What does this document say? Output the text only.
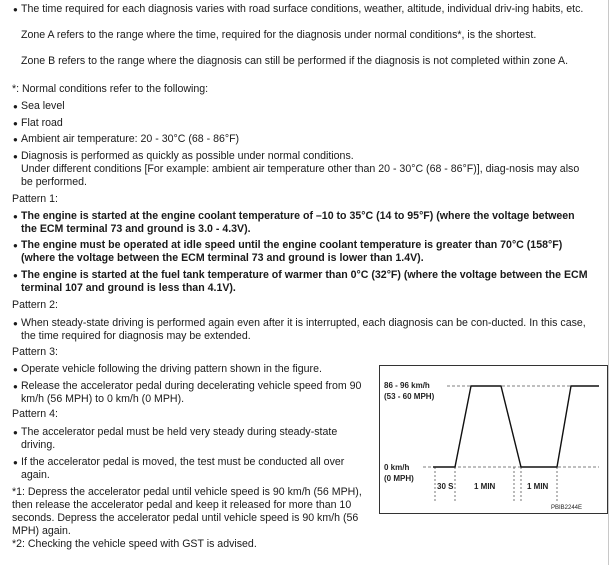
● The time required for each diagnosis varies with road surface conditions, weather, altitude, individual driv-ing habits, etc.
Zone A refers to the range where the time, required for the diagnosis under normal conditions*, is the shortest.
Zone B refers to the range where the diagnosis can still be performed if the diagnosis is not completed within zone A.
*: Normal conditions refer to the following:
● Sea level
● Flat road
● Ambient air temperature: 20 - 30°C (68 - 86°F)
● Diagnosis is performed as quickly as possible under normal conditions.
Under different conditions [For example: ambient air temperature other than 20 - 30°C (68 - 86°F)], diag-nosis may also be performed.
Pattern 1:
● The engine is started at the engine coolant temperature of –10 to 35°C (14 to 95°F) (where the voltage between the ECM terminal 73 and ground is 3.0 - 4.3V).
● The engine must be operated at idle speed until the engine coolant temperature is greater than 70°C (158°F) (where the voltage between the ECM terminal 73 and ground is lower than 1.4V).
● The engine is started at the fuel tank temperature of warmer than 0°C (32°F) (where the voltage between the ECM terminal 107 and ground is less than 4.1V).
Pattern 2:
● When steady-state driving is performed again even after it is interrupted, each diagnosis can be con-ducted. In this case, the time required for diagnosis may be extended.
Pattern 3:
● Operate vehicle following the driving pattern shown in the figure.
● Release the accelerator pedal during decelerating vehicle speed from 90 km/h (56 MPH) to 0 km/h (0 MPH).
Pattern 4:
● The accelerator pedal must be held very steady during steady-state driving.
● If the accelerator pedal is moved, the test must be conducted all over again.
*1: Depress the accelerator pedal until vehicle speed is 90 km/h (56 MPH), then release the accelerator pedal and keep it released for more than 10 seconds. Depress the accelerator pedal until vehicle speed is 90 km/h (56 MPH) again.
*2: Checking the vehicle speed with GST is advised.
86 - 96 km/h
(53 - 60 MPH)
0 km/h
(0 MPH)
30 S	1 MIN	1 MIN
PBIB2244E
